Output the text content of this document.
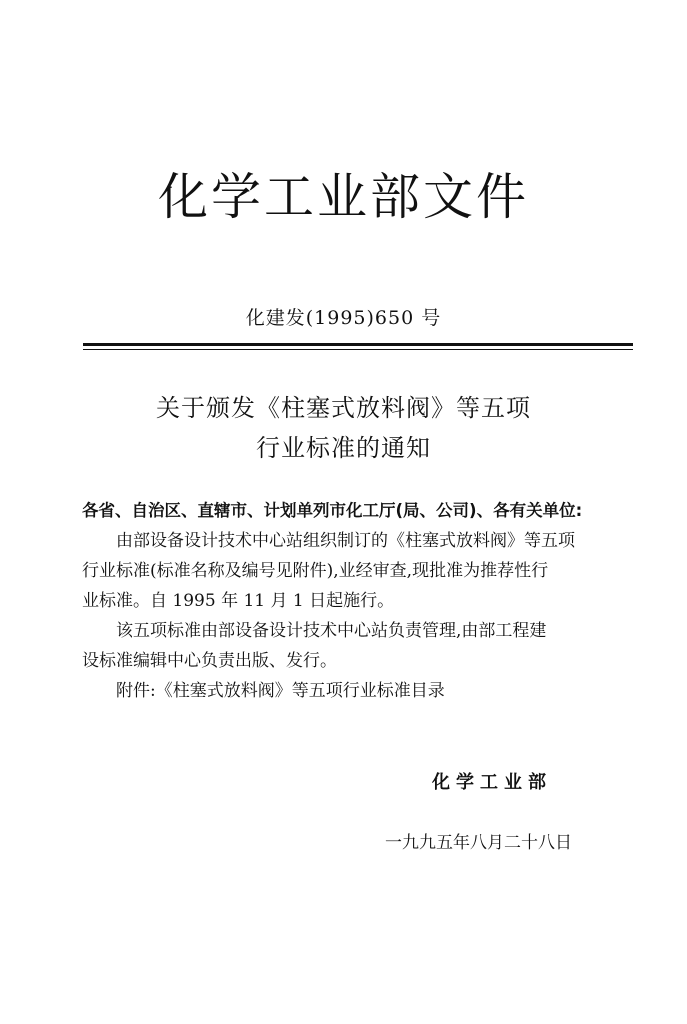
化学工业部文件
化建发(1995)650 号
关于颁发《柱塞式放料阀》等五项
行业标准的通知
各省、自治区、直辖市、计划单列市化工厅(局、公司)、各有关单位:
由部设备设计技术中心站组织制订的《柱塞式放料阀》等五项
行业标准(标准名称及编号见附件),业经审查,现批准为推荐性行
业标准。自 1995 年 11 月 1 日起施行。
该五项标准由部设备设计技术中心站负责管理,由部工程建
设标准编辑中心负责出版、发行。
附件:《柱塞式放料阀》等五项行业标准目录
化学工业部
一九九五年八月二十八日
